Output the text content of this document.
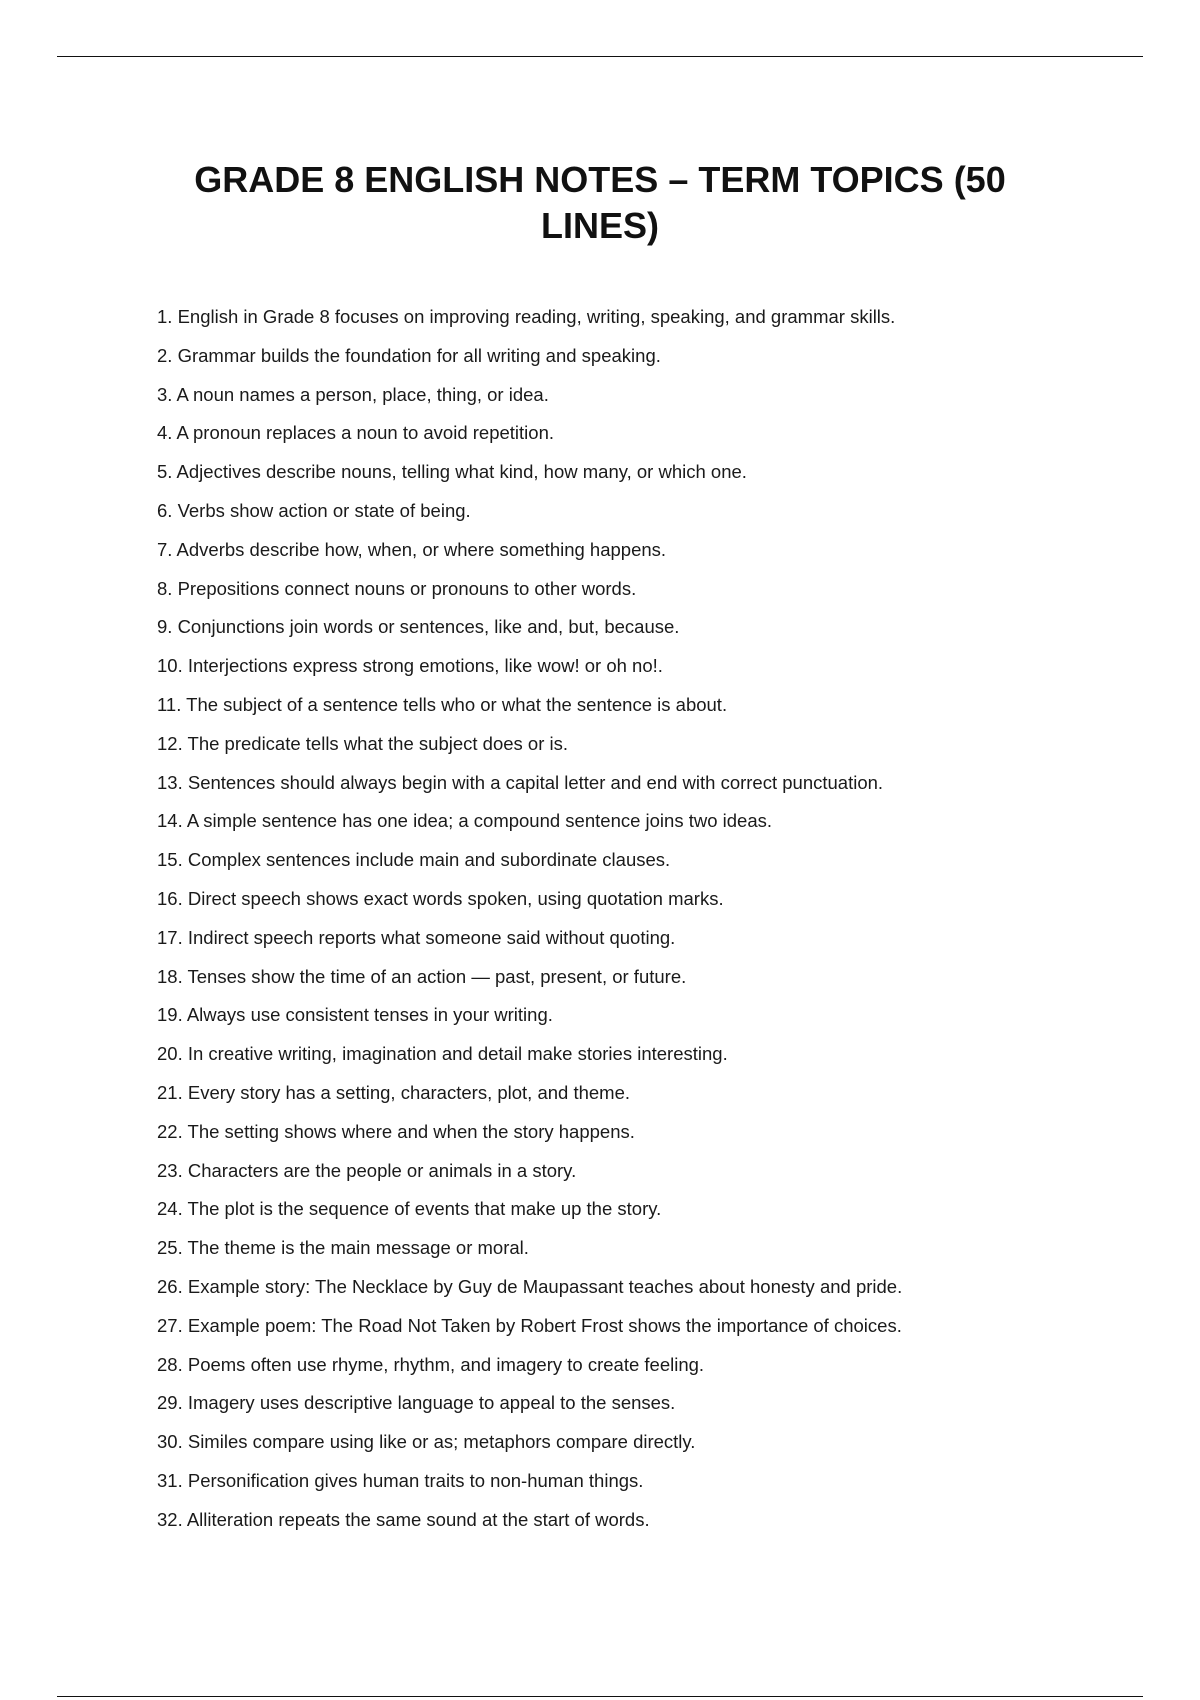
GRADE 8 ENGLISH NOTES – TERM TOPICS (50 LINES)
1. English in Grade 8 focuses on improving reading, writing, speaking, and grammar skills.
2. Grammar builds the foundation for all writing and speaking.
3. A noun names a person, place, thing, or idea.
4. A pronoun replaces a noun to avoid repetition.
5. Adjectives describe nouns, telling what kind, how many, or which one.
6. Verbs show action or state of being.
7. Adverbs describe how, when, or where something happens.
8. Prepositions connect nouns or pronouns to other words.
9. Conjunctions join words or sentences, like and, but, because.
10. Interjections express strong emotions, like wow! or oh no!.
11. The subject of a sentence tells who or what the sentence is about.
12. The predicate tells what the subject does or is.
13. Sentences should always begin with a capital letter and end with correct punctuation.
14. A simple sentence has one idea; a compound sentence joins two ideas.
15. Complex sentences include main and subordinate clauses.
16. Direct speech shows exact words spoken, using quotation marks.
17. Indirect speech reports what someone said without quoting.
18. Tenses show the time of an action — past, present, or future.
19. Always use consistent tenses in your writing.
20. In creative writing, imagination and detail make stories interesting.
21. Every story has a setting, characters, plot, and theme.
22. The setting shows where and when the story happens.
23. Characters are the people or animals in a story.
24. The plot is the sequence of events that make up the story.
25. The theme is the main message or moral.
26. Example story: The Necklace by Guy de Maupassant teaches about honesty and pride.
27. Example poem: The Road Not Taken by Robert Frost shows the importance of choices.
28. Poems often use rhyme, rhythm, and imagery to create feeling.
29. Imagery uses descriptive language to appeal to the senses.
30. Similes compare using like or as; metaphors compare directly.
31. Personification gives human traits to non-human things.
32. Alliteration repeats the same sound at the start of words.
